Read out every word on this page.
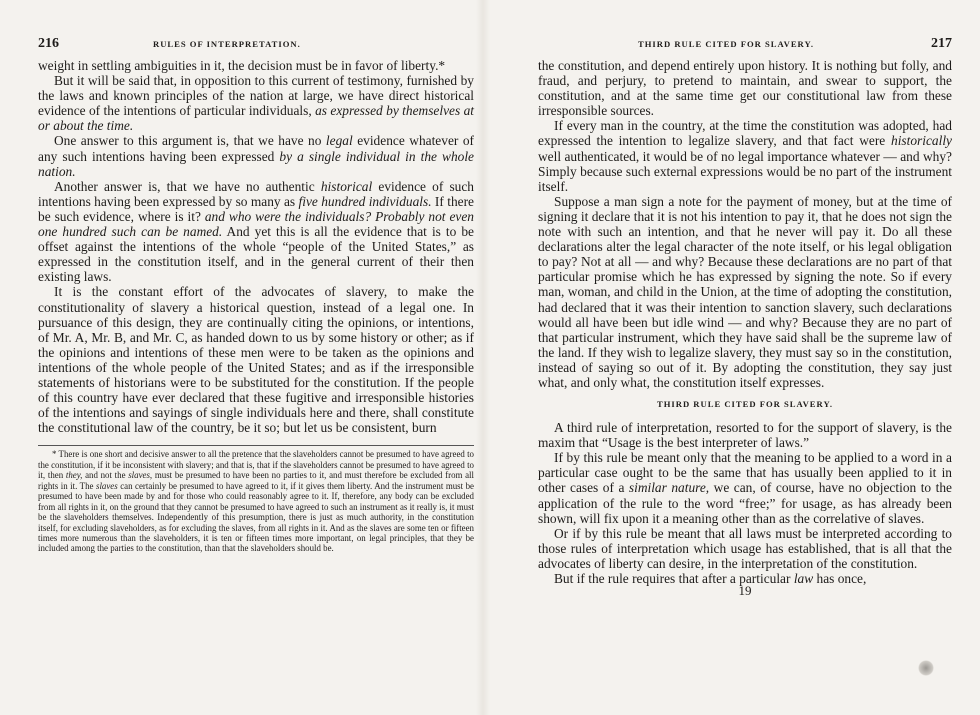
216	RULES OF INTERPRETATION.

weight in settling ambiguities in it, the decision must be in favor of liberty.*

But it will be said that, in opposition to this current of testimony, furnished by the laws and known principles of the nation at large, we have direct historical evidence of the intentions of particular individuals, as expressed by themselves at or about the time.

One answer to this argument is, that we have no legal evidence whatever of any such intentions having been expressed by a single individual in the whole nation.

Another answer is, that we have no authentic historical evidence of such intentions having been expressed by so many as five hundred individuals. If there be such evidence, where is it? and who were the individuals? Probably not even one hundred such can be named. And yet this is all the evidence that is to be offset against the intentions of the whole “people of the United States,” as expressed in the constitution itself, and in the general current of their then existing laws.

It is the constant effort of the advocates of slavery, to make the constitutionality of slavery a historical question, instead of a legal one. In pursuance of this design, they are continually citing the opinions, or intentions, of Mr. A, Mr. B, and Mr. C, as handed down to us by some history or other; as if the opinions and intentions of these men were to be taken as the opinions and intentions of the whole people of the United States; and as if the irresponsible statements of historians were to be substituted for the constitution. If the people of this country have ever declared that these fugitive and irresponsible histories of the intentions and sayings of single individuals here and there, shall constitute the constitutional law of the country, be it so; but let us be consistent, burn

* There is one short and decisive answer to all the pretence that the slaveholders cannot be presumed to have agreed to the constitution, if it be inconsistent with slavery; and that is, that if the slaveholders cannot be presumed to have agreed to it, then they, and not the slaves, must be presumed to have been no parties to it, and must therefore be excluded from all rights in it. The slaves can certainly be presumed to have agreed to it, if it gives them liberty. And the instrument must be presumed to have been made by and for those who could reasonably agree to it. If, therefore, any body can be excluded from all rights in it, on the ground that they cannot be presumed to have agreed to such an instrument as it really is, it must be the slaveholders themselves. Independently of this presumption, there is just as much authority, in the constitution itself, for excluding slaveholders, as for excluding the slaves, from all rights in it. And as the slaves are some ten or fifteen times more numerous than the slaveholders, it is ten or fifteen times more important, on legal principles, that they be included among the parties to the constitution, than that the slaveholders should be.

THIRD RULE CITED FOR SLAVERY.	217

the constitution, and depend entirely upon history. It is nothing but folly, and fraud, and perjury, to pretend to maintain, and swear to support, the constitution, and at the same time get our constitutional law from these irresponsible sources.

If every man in the country, at the time the constitution was adopted, had expressed the intention to legalize slavery, and that fact were historically well authenticated, it would be of no legal importance whatever — and why? Simply because such external expressions would be no part of the instrument itself.

Suppose a man sign a note for the payment of money, but at the time of signing it declare that it is not his intention to pay it, that he does not sign the note with such an intention, and that he never will pay it. Do all these declarations alter the legal character of the note itself, or his legal obligation to pay? Not at all — and why? Because these declarations are no part of that particular promise which he has expressed by signing the note. So if every man, woman, and child in the Union, at the time of adopting the constitution, had declared that it was their intention to sanction slavery, such declarations would all have been but idle wind — and why? Because they are no part of that particular instrument, which they have said shall be the supreme law of the land. If they wish to legalize slavery, they must say so in the constitution, instead of saying so out of it. By adopting the constitution, they say just what, and only what, the constitution itself expresses.

THIRD RULE CITED FOR SLAVERY.

A third rule of interpretation, resorted to for the support of slavery, is the maxim that “Usage is the best interpreter of laws.”

If by this rule be meant only that the meaning to be applied to a word in a particular case ought to be the same that has usually been applied to it in other cases of a similar nature, we can, of course, have no objection to the application of the rule to the word “free;” for usage, as has already been shown, will fix upon it a meaning other than as the correlative of slaves.

Or if by this rule be meant that all laws must be interpreted according to those rules of interpretation which usage has established, that is all that the advocates of liberty can desire, in the interpretation of the constitution.

But if the rule requires that after a particular law has once,

19
